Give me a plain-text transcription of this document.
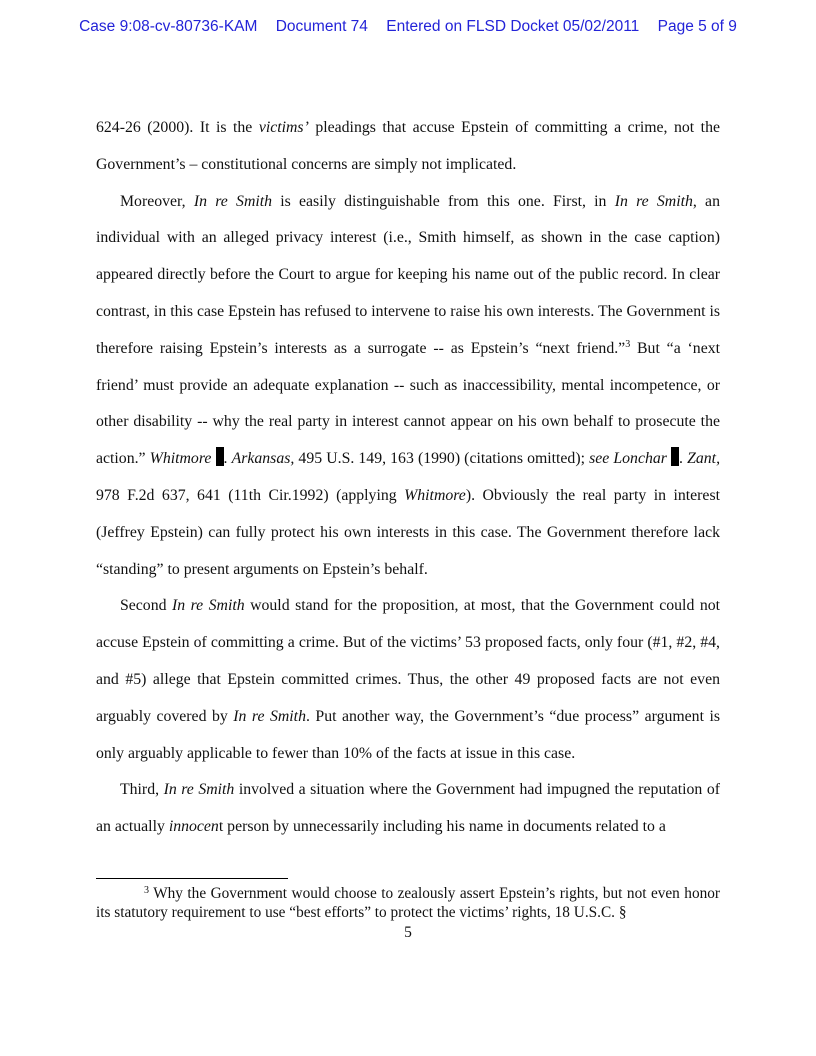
Case 9:08-cv-80736-KAM Document 74 Entered on FLSD Docket 05/02/2011 Page 5 of 9

624-26 (2000). It is the victims’ pleadings that accuse Epstein of committing a crime, not the Government’s – constitutional concerns are simply not implicated.

Moreover, In re Smith is easily distinguishable from this one. First, in In re Smith, an individual with an alleged privacy interest (i.e., Smith himself, as shown in the case caption) appeared directly before the Court to argue for keeping his name out of the public record. In clear contrast, in this case Epstein has refused to intervene to raise his own interests. The Government is therefore raising Epstein’s interests as a surrogate -- as Epstein’s “next friend.”$^3$ But “a ‘next friend’ must provide an adequate explanation -- such as inaccessibility, mental incompetence, or other disability -- why the real party in interest cannot appear on his own behalf to prosecute the action.” Whitmore . Arkansas, 495 U.S. 149, 163 (1990) (citations omitted); see Lonchar . Zant, 978 F.2d 637, 641 (11th Cir.1992) (applying Whitmore). Obviously the real party in interest (Jeffrey Epstein) can fully protect his own interests in this case. The Government therefore lack “standing” to present arguments on Epstein’s behalf.

Second In re Smith would stand for the proposition, at most, that the Government could not accuse Epstein of committing a crime. But of the victims’ 53 proposed facts, only four (#1, #2, #4, and #5) allege that Epstein committed crimes. Thus, the other 49 proposed facts are not even arguably covered by In re Smith. Put another way, the Government’s “due process” argument is only arguably applicable to fewer than 10% of the facts at issue in this case.

Third, In re Smith involved a situation where the Government had impugned the reputation of an actually innocent person by unnecessarily including his name in documents related to a

$^3$ Why the Government would choose to zealously assert Epstein’s rights, but not even honor its statutory requirement to use “best efforts” to protect the victims’ rights, 18 U.S.C. §

5
